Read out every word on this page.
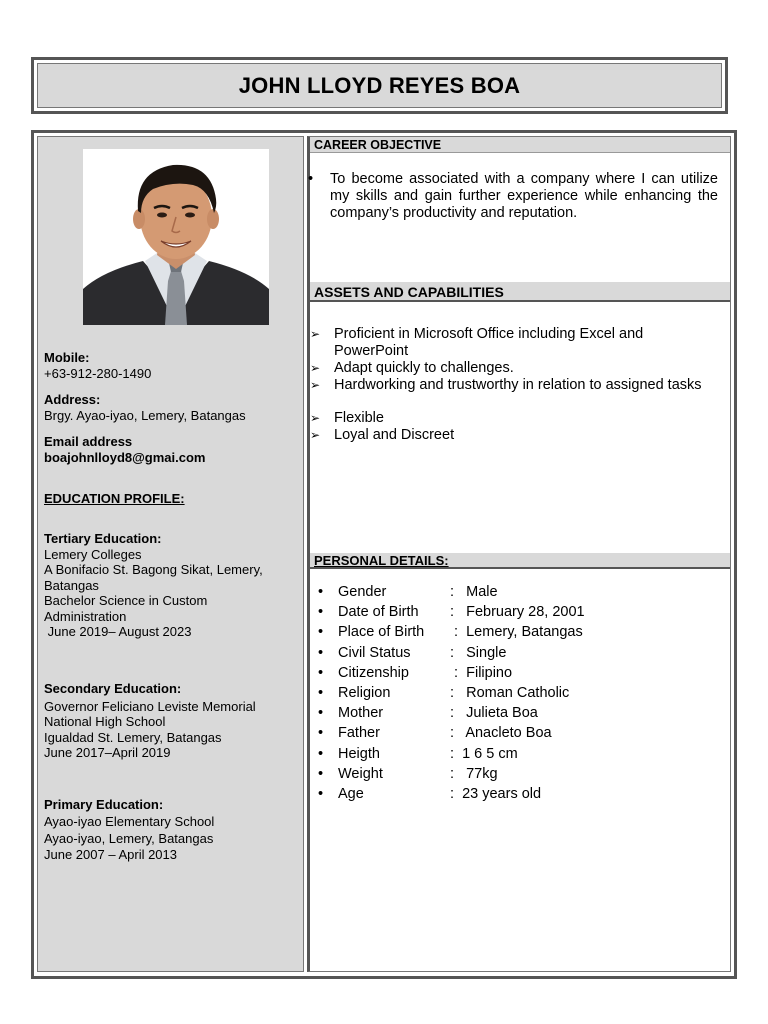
JOHN LLOYD REYES BOA
Mobile:
+63-912-280-1490
Address:
Brgy. Ayao-iyao, Lemery, Batangas
Email address
boajohnlloyd8@gmai.com
EDUCATION PROFILE:
Tertiary Education:
Lemery Colleges
A Bonifacio St. Bagong Sikat, Lemery,
Batangas
Bachelor Science in Custom
Administration
June 2019– August 2023
Secondary Education:
Governor Feliciano Leviste Memorial
National High School
Igualdad St. Lemery, Batangas
June 2017–April 2019
Primary Education:
Ayao-iyao Elementary School
Ayao-iyao, Lemery, Batangas
June 2007 – April 2013
CAREER OBJECTIVE
• To become associated with a company where I can utilize my skills and gain further experience while enhancing the company’s productivity and reputation.
ASSETS AND CAPABILITIES
➢ Proficient in Microsoft Office including Excel and PowerPoint
➢ Adapt quickly to challenges.
➢ Hardworking and trustworthy in relation to assigned tasks
➢ Flexible
➢ Loyal and Discreet
PERSONAL DETAILS:
• Gender	:   Male
• Date of Birth :   February 28, 2001
• Place of Birth :  Lemery, Batangas
• Civil Status	:   Single
• Citizenship	:  Filipino
• Religion	:   Roman Catholic
• Mother	:   Julieta Boa
• Father	:   Anacleto Boa
• Heigth	:  1 6 5 cm
• Weight	:   77kg
• Age	:  23 years old
